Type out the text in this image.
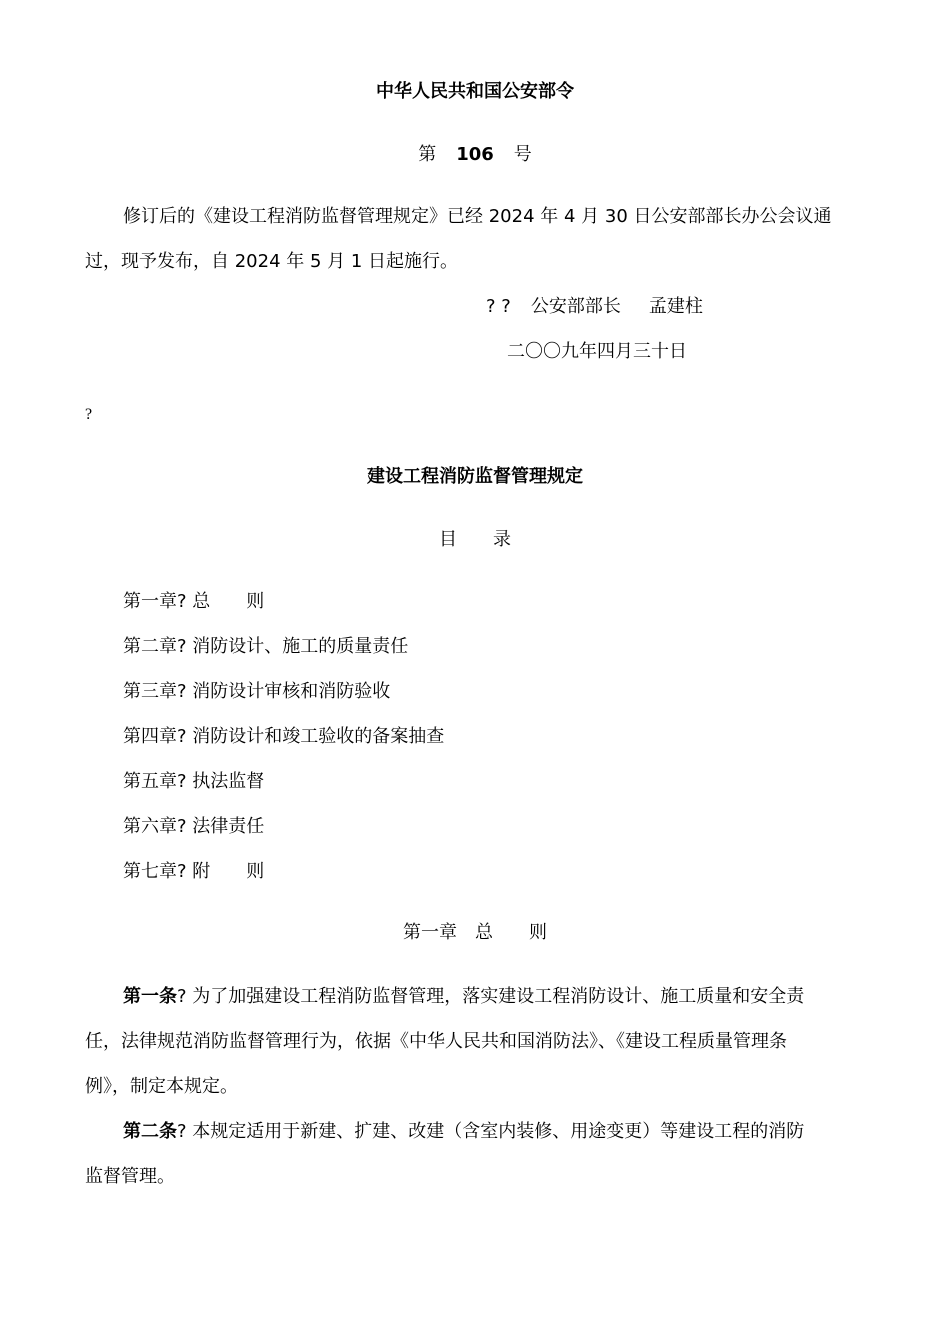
中华人民共和国公安部令
第 106 号
修订后的《建设工程消防监督管理规定》已经 2024 年 4 月 30 日公安部部长办公会议通
过，现予发布，自 2024 年 5 月 1 日起施行。
? ? 公安部部长 孟建柱
二〇〇九年四月三十日
?
建设工程消防监督管理规定
目　　录
第一章? 总　　则
第二章? 消防设计、施工的质量责任
第三章? 消防设计审核和消防验收
第四章? 消防设计和竣工验收的备案抽查
第五章? 执法监督
第六章? 法律责任
第七章? 附　　则
第一章　总　　则
第一条? 为了加强建设工程消防监督管理，落实建设工程消防设计、施工质量和安全责
任，法律规范消防监督管理行为，依据《中华人民共和国消防法》、《建设工程质量管理条
例》，制定本规定。
第二条? 本规定适用于新建、扩建、改建（含室内装修、用途变更）等建设工程的消防
监督管理。
